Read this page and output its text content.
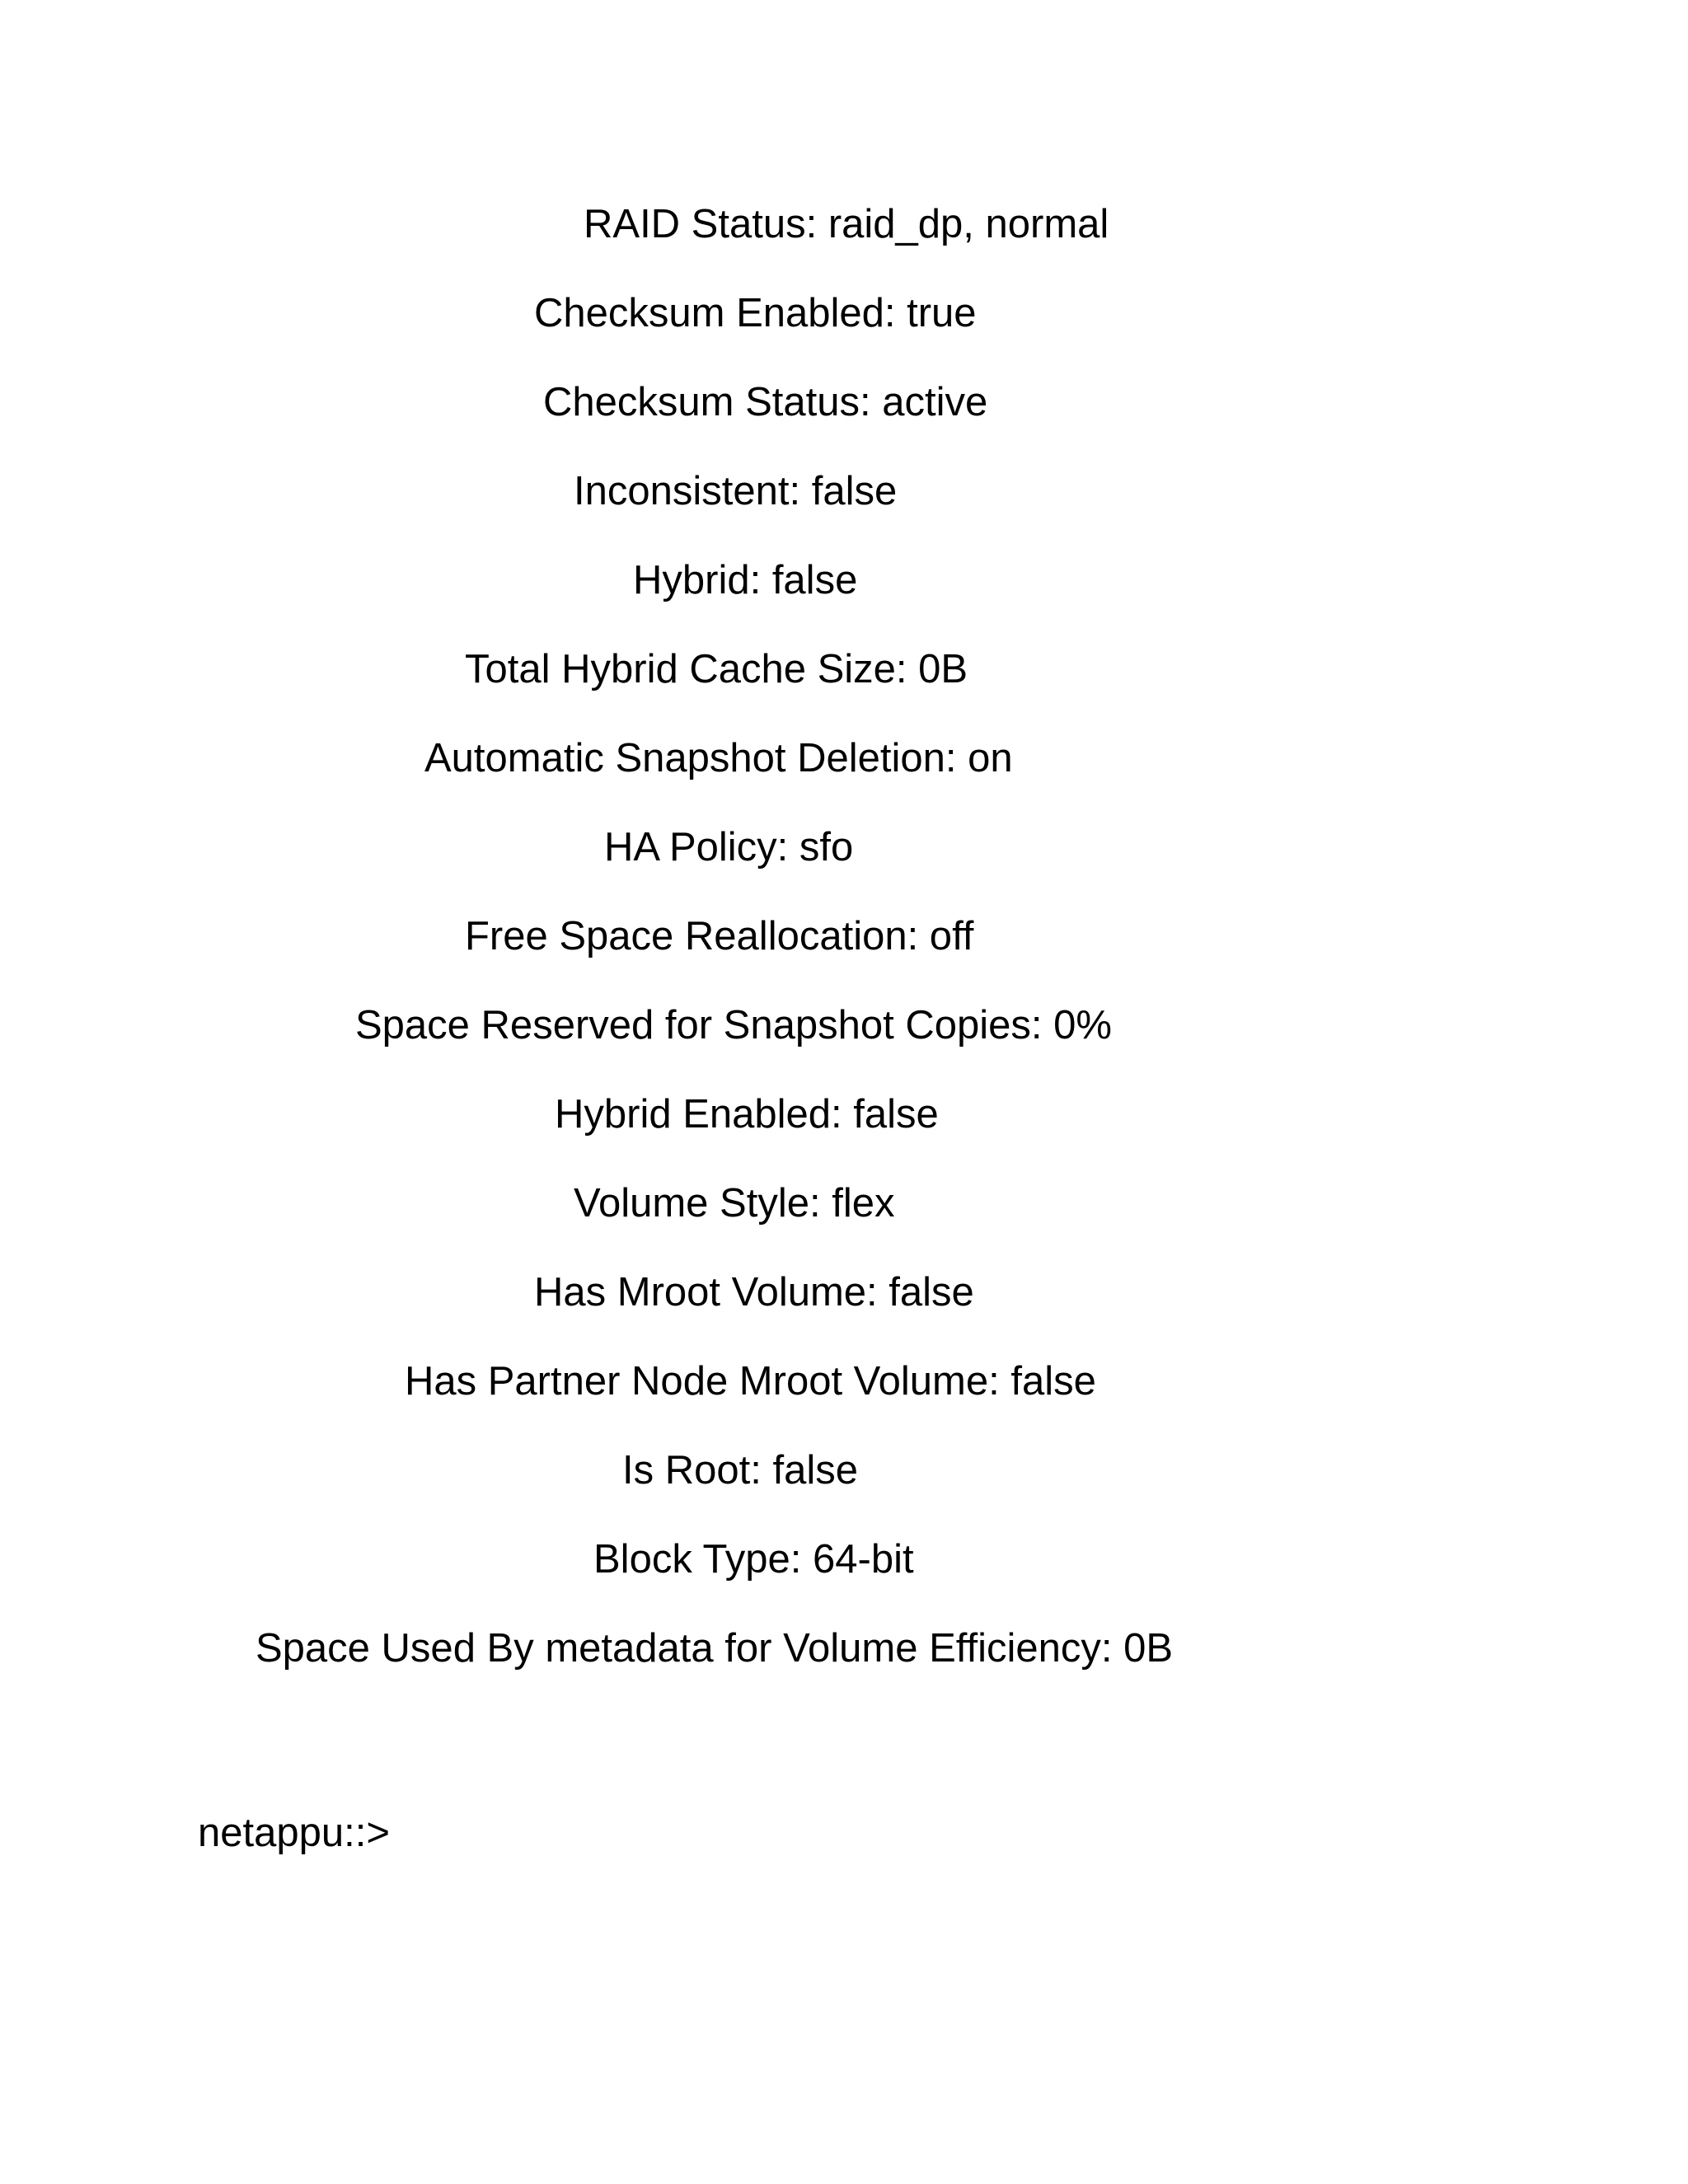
RAID Status: raid_dp, normal
Checksum Enabled: true
Checksum Status: active
Inconsistent: false
Hybrid: false
Total Hybrid Cache Size: 0B
Automatic Snapshot Deletion: on
HA Policy: sfo
Free Space Reallocation: off
Space Reserved for Snapshot Copies: 0%
Hybrid Enabled: false
Volume Style: flex
Has Mroot Volume: false
Has Partner Node Mroot Volume: false
Is Root: false
Block Type: 64-bit
Space Used By metadata for Volume Efficiency: 0B
netappu::>
